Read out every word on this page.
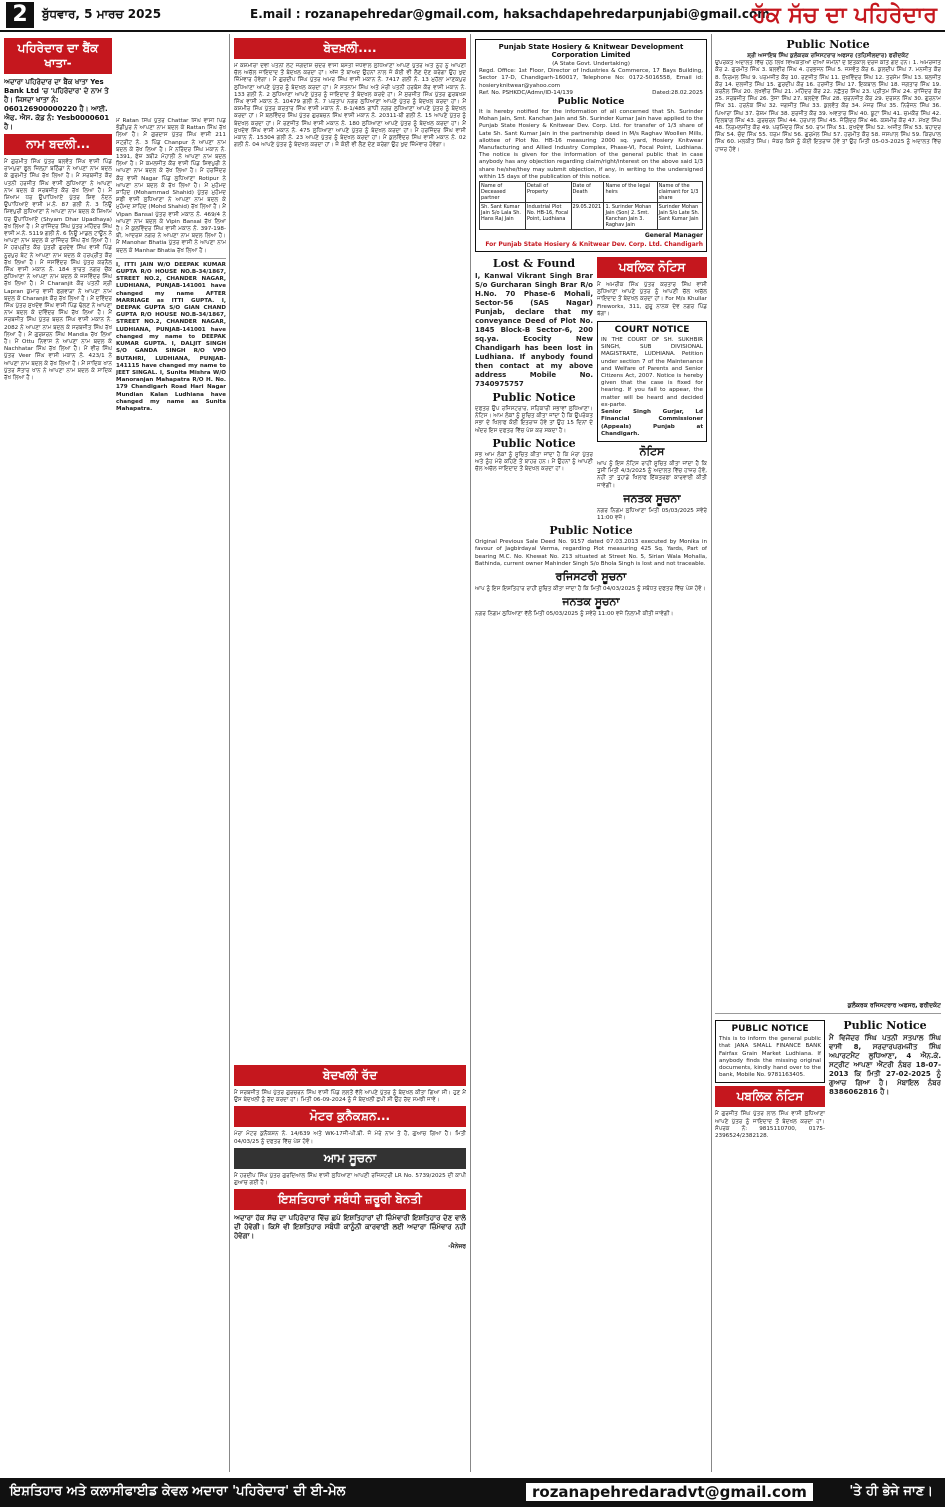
2	ਬੁੱਧਵਾਰ, 5 ਮਾਰਚ 2025	E.mail : rozanapehredar@gmail.com, haksachdapehredarpunjabi@gmail.com
ਹੱਕ ਸੱਚ ਦਾ ਪਹਿਰੇਦਾਰ
ਪਹਿਰੇਦਾਰ ਦਾ ਬੈਂਕ ਖਾਤਾ-
ਅਦਾਰਾ ਪਹਿਰੇਦਾਰ ਦਾ ਬੈਂਕ ਖਾਤਾ Yes Bank Ltd 'ਚ 'ਪਹਿਰੇਦਾਰ' ਦੇ ਨਾਮ ਤੇ ਹੈ। ਜਿਸਦਾ ਖਾਤਾ ਨੰ: 060126900000220 ਹੈ। ਆਈ. ਐਫ. ਐਸ. ਕੋਡ ਨੰ: Yesb0000601 ਹੈ।
ਨਾਮ ਬਦਲੀ...
ਮੈਂ ਗੁਰਮੀਤ ਸਿੰਘ ਪੁੱਤਰ ਬਲਵੰਤ ਸਿੰਘ ਵਾਸੀ ਪਿੰਡ ਰਾਮਪੁਰਾ ਫੂਲ ਜ਼ਿਲ੍ਹਾ ਬਠਿੰਡਾ ਨੇ ਆਪਣਾ ਨਾਮ ਬਦਲ ਕੇ ਗੁਰਮੀਤ ਸਿੰਘ ਰੱਖ ਲਿਆ ਹੈ। ਮੈਂ ਸਰਬਜੀਤ ਕੌਰ ਪਤਨੀ ਹਰਜੀਤ ਸਿੰਘ ਵਾਸੀ ਲੁਧਿਆਣਾ ਨੇ ਆਪਣਾ ਨਾਮ ਬਦਲ ਕੇ ਸਰਬਜੀਤ ਕੌਰ ਰੱਖ ਲਿਆ ਹੈ। ਮੈਂ ਸ਼ਿਆਮ ਧਰ ਉਪਾਧਿਆਏ ਪੁੱਤਰ ਸ਼ਿਵ ਨੰਦਨ ਉਪਾਧਿਆਏ ਵਾਸੀ ਮ.ਨੰ. 87 ਗਲੀ ਨੰ. 3 ਨਿਊ ਸ਼ਿਵਪੁਰੀ ਲੁਧਿਆਣਾ ਨੇ ਆਪਣਾ ਨਾਮ ਬਦਲ ਕੇ ਸ਼ਿਆਮ ਧਰ ਉਪਾਧਿਆਏ (Shyam Dhar Upadhaya) ਰੱਖ ਲਿਆ ਹੈ। ਮੈਂ ਰਾਜਿੰਦਰ ਸਿੰਘ ਪੁੱਤਰ ਮਹਿੰਦਰ ਸਿੰਘ ਵਾਸੀ ਮ.ਨੰ. 5119 ਗਲੀ ਨੰ. 6 ਨਿਊ ਮਾਡਲ ਟਾਊਨ ਨੇ ਆਪਣਾ ਨਾਮ ਬਦਲ ਕੇ ਰਾਜਿੰਦਰ ਸਿੰਘ ਰੱਖ ਲਿਆ ਹੈ। ਮੈਂ ਹਰਪ੍ਰੀਤ ਕੌਰ ਪੁੱਤਰੀ ਗੁਰਦੇਵ ਸਿੰਘ ਵਾਸੀ ਪਿੰਡ ਨੂਰਪੁਰ ਬੇਟ ਨੇ ਆਪਣਾ ਨਾਮ ਬਦਲ ਕੇ ਹਰਪ੍ਰੀਤ ਕੌਰ ਰੱਖ ਲਿਆ ਹੈ। ਮੈਂ ਜਸਵਿੰਦਰ ਸਿੰਘ ਪੁੱਤਰ ਕਰਨੈਲ ਸਿੰਘ ਵਾਸੀ ਮਕਾਨ ਨੰ. 184 ਭਾਰਤ ਨਗਰ ਚੌਂਕ ਲੁਧਿਆਣਾ ਨੇ ਆਪਣਾ ਨਾਮ ਬਦਲ ਕੇ ਜਸਵਿੰਦਰ ਸਿੰਘ ਰੱਖ ਲਿਆ ਹੈ। ਮੈਂ Charanjit ਕੌਰ ਪਤਨੀ ਸ਼੍ਰੀ Lapran ਕੁਮਾਰ ਵਾਸੀ ਫਗਵਾੜਾ ਨੇ ਆਪਣਾ ਨਾਮ ਬਦਲ ਕੇ Charanjit ਕੌਰ ਰੱਖ ਲਿਆ ਹੈ। ਮੈਂ ਦਵਿੰਦਰ ਸਿੰਘ ਪੁੱਤਰ ਸੁਖਦੇਵ ਸਿੰਘ ਵਾਸੀ ਪਿੰਡ ਢੋਲਣ ਨੇ ਆਪਣਾ ਨਾਮ ਬਦਲ ਕੇ ਦਵਿੰਦਰ ਸਿੰਘ ਰੱਖ ਲਿਆ ਹੈ। ਮੈਂ ਸਰਬਜੀਤ ਸਿੰਘ ਪੁੱਤਰ ਬਚਨ ਸਿੰਘ ਵਾਸੀ ਮਕਾਨ ਨੰ. 2082 ਨੇ ਆਪਣਾ ਨਾਮ ਬਦਲ ਕੇ ਸਰਬਜੀਤ ਸਿੰਘ ਰੱਖ ਲਿਆ ਹੈ। ਮੈਂ ਗੁਰਸ਼ਰਨ ਸਿੰਘ Mandia ਰੱਖ ਲਿਆ ਹੈ। ਮੈਂ Ottu ਨਿਵਾਸ ਨੇ ਆਪਣਾ ਨਾਮ ਬਦਲ ਕੇ Nachhatar ਸਿੰਘ ਰੱਖ ਲਿਆ ਹੈ। ਮੈਂ ਵੀਰ ਸਿੰਘ ਪੁੱਤਰ Veer ਸਿੰਘ ਵਾਸੀ ਮਕਾਨ ਨੰ. 423/1 ਨੇ ਆਪਣਾ ਨਾਮ ਬਦਲ ਕੇ ਰੱਖ ਲਿਆ ਹੈ। ਮੈਂ ਸਾਦਿਕ ਖਾਨ ਪੁੱਤਰ ਸੱਤਾਰ ਖਾਨ ਨੇ ਆਪਣਾ ਨਾਮ ਬਦਲ ਕੇ ਸਾਦਿਕ ਰੱਖ ਲਿਆ ਹੈ।
ਮੈਂ Ratan ਸਿੰਘ ਪੁੱਤਰ Chattar ਸਿੰਘ ਵਾਸੀ ਪਿੰਡ ਭੋਡੀਪੁਰ ਨੇ ਆਪਣਾ ਨਾਮ ਬਦਲ ਕੇ Rattan ਸਿੰਘ ਰੱਖ ਲਿਆ ਹੈ। ਮੈਂ ਗੁਰਦਾਸ ਪੁੱਤਰ ਸਿੰਘ ਵਾਸੀ 211 ਸਟ੍ਰੀਟ ਨੰ. 3 ਪਿੰਡ Chanpur ਨੇ ਆਪਣਾ ਨਾਮ ਬਦਲ ਕੇ ਰੱਖ ਲਿਆ ਹੈ। ਮੈਂ ਨਰਿੰਦਰ ਸਿੰਘ ਮਕਾਨ ਨੰ. 1391, ਫੇਜ਼ 3ਬੀ2 ਮੋਹਾਲੀ ਨੇ ਆਪਣਾ ਨਾਮ ਬਦਲ ਲਿਆ ਹੈ। ਮੈਂ ਕਮਲਜੀਤ ਕੌਰ ਵਾਸੀ ਪਿੰਡ ਸ਼ਿਵਪੁਰੀ ਨੇ ਆਪਣਾ ਨਾਮ ਬਦਲ ਕੇ ਰੱਖ ਲਿਆ ਹੈ। ਮੈਂ ਹਰਜਿੰਦਰ ਕੌਰ ਵਾਸੀ Nagar ਪਿੰਡ ਲੁਧਿਆਣਾ Rotipur ਨੇ ਆਪਣਾ ਨਾਮ ਬਦਲ ਕੇ ਰੱਖ ਲਿਆ ਹੈ। ਮੈਂ ਮੁਹੰਮਦ ਸ਼ਾਹਿਦ (Mohammad Shahid) ਪੁੱਤਰ ਮੁਹੰਮਦ ਸ਼ਫੀ ਵਾਸੀ ਲੁਧਿਆਣਾ ਨੇ ਆਪਣਾ ਨਾਮ ਬਦਲ ਕੇ ਮੁਹੰਮਦ ਸ਼ਾਹਿਦ (Mohd Shahid) ਰੱਖ ਲਿਆ ਹੈ। ਮੈਂ Vipan Bansal ਪੁੱਤਰ ਵਾਸੀ ਮਕਾਨ ਨੰ. 469/4 ਨੇ ਆਪਣਾ ਨਾਮ ਬਦਲ ਕੇ Vipin Bansal ਰੱਖ ਲਿਆ ਹੈ। ਮੈਂ ਕੁਲਵਿੰਦਰ ਸਿੰਘ ਵਾਸੀ ਮਕਾਨ ਨੰ. 397-198-ਬੀ, ਆਦਰਸ਼ ਨਗਰ ਨੇ ਆਪਣਾ ਨਾਮ ਬਦਲ ਲਿਆ ਹੈ। ਮੈਂ Manohar Bhatia ਪੁੱਤਰ ਵਾਸੀ ਨੇ ਆਪਣਾ ਨਾਮ ਬਦਲ ਕੇ Manhar Bhatia ਰੱਖ ਲਿਆ ਹੈ।
I, ITTI JAIN W/O DEEPAK KUMAR GUPTA R/O HOUSE NO.B-34/1867, STREET NO.2, CHANDER NAGAR, LUDHIANA, PUNJAB-141001 have changed my name AFTER MARRIAGE as ITTI GUPTA. I, DEEPAK GUPTA S/O GIAN CHAND GUPTA R/O HOUSE NO.B-34/1867, STREET NO.2, CHANDER NAGAR, LUDHIANA, PUNJAB-141001 have changed my name to DEEPAK KUMAR GUPTA. I, DALJIT SINGH S/O GANDA SINGH R/O VPO BUTAHRI, LUDHIANA, PUNJAB-141115 have changed my name to JEET SINGAL. I, Sunita Mishra W/O Manoranjan Mahapatra R/O H. No. 179 Chandigarh Road Hari Nagar Mundian Kalan Ludhiana have changed my name as Sunita Mahapatra.
ਬੇਦਖ਼ਲੀ....
ਮੈਂ ਕਸ਼ਮੀਰਾ ਦੇਵੀ ਪਤਨੀ ਲੇਟ ਜਗਦੀਸ਼ ਚੰਦਰ ਵਾਸੀ ਬਸਤੀ ਜੋਧੇਵਾਲ ਲੁਧਿਆਣਾ ਆਪਣੇ ਪੁੱਤਰ ਅਤੇ ਨੂੰਹ ਨੂੰ ਆਪਣੀ ਚੱਲ ਅਚੱਲ ਜਾਇਦਾਦ ਤੋਂ ਬੇਦਖਲ ਕਰਦਾ ਹਾਂ। ਅੱਜ ਤੋਂ ਬਾਅਦ ਉਹਨਾਂ ਨਾਲ ਜੋ ਕੋਈ ਵੀ ਲੈਣ ਦੇਣ ਕਰੇਗਾ ਉਹ ਖੁਦ ਜ਼ਿੰਮੇਵਾਰ ਹੋਵੇਗਾ। ਮੈਂ ਗੁਰਦੀਪ ਸਿੰਘ ਪੁੱਤਰ ਅਮਰ ਸਿੰਘ ਵਾਸੀ ਮਕਾਨ ਨੰ. 7417 ਗਲੀ ਨੰ. 13 ਮੁਹੱਲਾ ਮਾਣਕਪੁਰ ਲੁਧਿਆਣਾ ਆਪਣੇ ਪੁੱਤਰ ਨੂੰ ਬੇਦਖਲ ਕਰਦਾ ਹਾਂ। ਮੈਂ ਸਤਨਾਮ ਸਿੰਘ ਅਤੇ ਮੇਰੀ ਪਤਨੀ ਹਰਬੰਸ ਕੌਰ ਵਾਸੀ ਮਕਾਨ ਨੰ. 133 ਗਲੀ ਨੰ. 2 ਲੁਧਿਆਣਾ ਆਪਣੇ ਪੁੱਤਰ ਨੂੰ ਜਾਇਦਾਦ ਤੋਂ ਬੇਦਖਲ ਕਰਦੇ ਹਾਂ। ਮੈਂ ਸੁਰਜੀਤ ਸਿੰਘ ਪੁੱਤਰ ਗੁਰਬਖਸ਼ ਸਿੰਘ ਵਾਸੀ ਮਕਾਨ ਨੰ. 10479 ਗਲੀ ਨੰ. 7 ਪਰਤਾਪ ਨਗਰ ਲੁਧਿਆਣਾ ਆਪਣੇ ਪੁੱਤਰ ਨੂੰ ਬੇਦਖਲ ਕਰਦਾ ਹਾਂ। ਮੈਂ ਕਸ਼ਮੀਰ ਸਿੰਘ ਪੁੱਤਰ ਕਰਤਾਰ ਸਿੰਘ ਵਾਸੀ ਮਕਾਨ ਨੰ. 8-1/485 ਗਾਂਧੀ ਨਗਰ ਲੁਧਿਆਣਾ ਆਪਣੇ ਪੁੱਤਰ ਨੂੰ ਬੇਦਖਲ ਕਰਦਾ ਹਾਂ। ਮੈਂ ਬਲਵਿੰਦਰ ਸਿੰਘ ਪੁੱਤਰ ਗੁਰਬਚਨ ਸਿੰਘ ਵਾਸੀ ਮਕਾਨ ਨੰ. 20311-ਬੀ ਗਲੀ ਨੰ. 15 ਆਪਣੇ ਪੁੱਤਰ ਨੂੰ ਬੇਦਖਲ ਕਰਦਾ ਹਾਂ। ਮੈਂ ਰਣਜੀਤ ਸਿੰਘ ਵਾਸੀ ਮਕਾਨ ਨੰ. 180 ਲੁਧਿਆਣਾ ਆਪਣੇ ਪੁੱਤਰ ਨੂੰ ਬੇਦਖਲ ਕਰਦਾ ਹਾਂ। ਮੈਂ ਸੁਖਦੇਵ ਸਿੰਘ ਵਾਸੀ ਮਕਾਨ ਨੰ. 475 ਲੁਧਿਆਣਾ ਆਪਣੇ ਪੁੱਤਰ ਨੂੰ ਬੇਦਖਲ ਕਰਦਾ ਹਾਂ। ਮੈਂ ਹਰਜਿੰਦਰ ਸਿੰਘ ਵਾਸੀ ਮਕਾਨ ਨੰ. 15304 ਗਲੀ ਨੰ. 23 ਆਪਣੇ ਪੁੱਤਰ ਨੂੰ ਬੇਦਖਲ ਕਰਦਾ ਹਾਂ। ਮੈਂ ਕੁਲਵਿੰਦਰ ਸਿੰਘ ਵਾਸੀ ਮਕਾਨ ਨੰ. 02 ਗਲੀ ਨੰ. 04 ਆਪਣੇ ਪੁੱਤਰ ਨੂੰ ਬੇਦਖਲ ਕਰਦਾ ਹਾਂ। ਜੋ ਕੋਈ ਵੀ ਲੈਣ ਦੇਣ ਕਰੇਗਾ ਉਹ ਖੁਦ ਜ਼ਿੰਮੇਵਾਰ ਹੋਵੇਗਾ।
ਬੇਦਖਲੀ ਰੱਦ
ਮੈਂ ਸਰਬਜੀਤ ਸਿੰਘ ਪੁੱਤਰ ਗੁਰਚਰਨ ਸਿੰਘ ਵਾਸੀ ਪਿੰਡ ਲਲਤੋਂ ਵੱਲੋਂ ਆਪਣੇ ਪੁੱਤਰ ਨੂੰ ਬੇਦਖਲ ਕੀਤਾ ਗਿਆ ਸੀ। ਹੁਣ ਮੈਂ ਉਸ ਬੇਦਖਲੀ ਨੂੰ ਰੱਦ ਕਰਦਾ ਹਾਂ। ਮਿਤੀ 06-09-2024 ਨੂੰ ਜੋ ਬੇਦਖਲੀ ਛਪੀ ਸੀ ਉਹ ਰੱਦ ਸਮਝੀ ਜਾਵੇ।
ਮੋਟਰ ਕੁਨੈਕਸ਼ਨ...
ਮੇਰਾ ਮੋਟਰ ਕੁਨੈਕਸ਼ਨ ਨੰ. 14/639 ਅਤੇ WK-17ਜੀ-ਪੀ.ਬੀ. ਜੋ ਮੇਰੇ ਨਾਮ ਤੇ ਹੈ, ਗੁਆਚ ਗਿਆ ਹੈ। ਮਿਤੀ 04/03/25 ਨੂੰ ਦਫਤਰ ਵਿੱਚ ਪੇਸ਼ ਹੋਵੋ।
ਆਮ ਸੂਚਨਾ
ਮੈਂ ਹਰਦੀਪ ਸਿੰਘ ਪੁੱਤਰ ਗੁਰਦਿਆਲ ਸਿੰਘ ਵਾਸੀ ਲੁਧਿਆਣਾ ਆਪਣੀ ਰਜਿਸਟਰੀ LR No. 5739/2025 ਦੀ ਕਾਪੀ ਗੁਆਚ ਗਈ ਹੈ।
ਇਸ਼ਤਿਹਾਰਾਂ ਸਬੰਧੀ ਜ਼ਰੂਰੀ ਬੇਨਤੀ
ਅਦਾਰਾ ਹੱਕ ਸੱਚ ਦਾ ਪਹਿਰੇਦਾਰ ਵਿੱਚ ਛਪੇ ਇਸ਼ਤਿਹਾਰਾਂ ਦੀ ਜ਼ਿੰਮੇਵਾਰੀ ਇਸ਼ਤਿਹਾਰ ਦੇਣ ਵਾਲੇ ਦੀ ਹੋਵੇਗੀ। ਕਿਸੇ ਵੀ ਇਸ਼ਤਿਹਾਰ ਸਬੰਧੀ ਕਾਨੂੰਨੀ ਕਾਰਵਾਈ ਲਈ ਅਦਾਰਾ ਜ਼ਿੰਮੇਵਾਰ ਨਹੀਂ ਹੋਵੇਗਾ।
-ਮੈਨੇਜਰ
Punjab State Hosiery & Knitwear Development Corporation Limited
(A State Govt. Undertaking)
Regd. Office: 1st Floor, Director of Industries & Commerce, 17 Bays Building, Sector 17-D, Chandigarh-160017, Telephone No: 0172-5016558, Email id: hosieryknitwear@yahoo.com
Ref. No. PSHKDC/Admn/ID-14/139	Dated:28.02.2025
Public Notice
It is hereby notified for the information of all concerned that Sh. Surinder Mohan Jain, Smt. Kanchan Jain and Sh. Surinder Kumar Jain have applied to the Punjab State Hosiery & Knitwear Dev. Corp. Ltd. for transfer of 1/3 share of Late Sh. Sant Kumar Jain in the partnership deed in M/s Raghav Woollen Mills, allottee of Plot No. HB-16 measuring 2000 sq. yard, Hosiery Knitwear Manufacturing and Allied Industry Complex, Phase-VI, Focal Point, Ludhiana. The notice is given for the information of the general public that in case anybody has any objection regarding claim/right/interest on the above said 1/3 share he/she/they may submit objection, if any, in writing to the undersigned within 15 days of the publication of this notice.
Name of Deceased partner	Detail of Property	Date of Death	Name of the legal heirs	Name of the claimant for 1/3 share
Sh. Sant Kumar Jain S/o Lala Sh. Hans Raj Jain	Industrial Plot No. HB-16, Focal Point, Ludhiana	29.05.2021	1. Surinder Mohan Jain (Son) 2. Smt. Kanchan Jain 3. Raghav Jain	Surinder Mohan Jain S/o Late Sh. Sant Kumar Jain
General Manager
For Punjab State Hosiery & Knitwear Dev. Corp. Ltd. Chandigarh
Lost & Found
I, Kanwal Vikrant Singh Brar S/o Gurcharan Singh Brar R/o H.No. 70 Phase-6 Mohali, Sector-56 (SAS Nagar) Punjab, declare that my conveyance Deed of Plot No. 1845 Block-B Sector-6, 200 sq.ya. Ecocity New Chandigarh has been lost in Ludhiana. If anybody found then contact at my above address Mobile No. 7340975757
Public Notice
ਦਫਤਰ ਉਪ ਰਜਿਸਟਰਾਰ, ਸਹਿਕਾਰੀ ਸਭਾਵਾਂ ਲੁਧਿਆਣਾ। ਨੋਟਿਸ। ਆਮ ਲੋਕਾਂ ਨੂੰ ਸੂਚਿਤ ਕੀਤਾ ਜਾਂਦਾ ਹੈ ਕਿ ਉਪਰੋਕਤ ਸਭਾ ਦੇ ਖਿਲਾਫ ਕੋਈ ਇਤਰਾਜ਼ ਹੋਵੇ ਤਾਂ ਉਹ 15 ਦਿਨਾਂ ਦੇ ਅੰਦਰ ਇਸ ਦਫਤਰ ਵਿੱਚ ਪੇਸ਼ ਕਰ ਸਕਦਾ ਹੈ।
Public Notice
ਸਭ ਆਮ ਲੋਕਾਂ ਨੂੰ ਸੂਚਿਤ ਕੀਤਾ ਜਾਂਦਾ ਹੈ ਕਿ ਮੇਰਾ ਪੁੱਤਰ ਅਤੇ ਨੂੰਹ ਮੇਰੇ ਕਹਿਣੇ ਤੋਂ ਬਾਹਰ ਹਨ। ਮੈਂ ਉਹਨਾਂ ਨੂੰ ਆਪਣੀ ਚੱਲ ਅਚੱਲ ਜਾਇਦਾਦ ਤੋਂ ਬੇਦਖਲ ਕਰਦਾ ਹਾਂ।
ਪਬਲਿਕ ਨੋਟਿਸ
ਮੈਂ ਅਮਰੀਕ ਸਿੰਘ ਪੁੱਤਰ ਕਰਤਾਰ ਸਿੰਘ ਵਾਸੀ ਲੁਧਿਆਣਾ ਆਪਣੇ ਪੁੱਤਰ ਨੂੰ ਆਪਣੀ ਚੱਲ ਅਚੱਲ ਜਾਇਦਾਦ ਤੋਂ ਬੇਦਖਲ ਕਰਦਾ ਹਾਂ। For M/s Khullar Fireworks, 311, ਗੁਰੂ ਨਾਨਕ ਦੇਵ ਨਗਰ ਪਿੰਡ ਬੱਗਾ।
COURT NOTICE
IN THE COURT OF SH. SUKHBIR SINGH, SUB DIVISIONAL MAGISTRATE, LUDHIANA. Petition under section 7 of the Maintenance and Welfare of Parents and Senior Citizens Act, 2007. Notice is hereby given that the case is fixed for hearing. If you fail to appear, the matter will be heard and decided ex-parte.
Senior Singh Gurjar, Ld Financial Commissioner (Appeals) Punjab at Chandigarh.
ਨੋਟਿਸ
ਆਪ ਨੂੰ ਇਸ ਨੋਟਿਸ ਰਾਹੀਂ ਸੂਚਿਤ ਕੀਤਾ ਜਾਂਦਾ ਹੈ ਕਿ ਤੁਸੀਂ ਮਿਤੀ 4/3/2025 ਨੂੰ ਅਦਾਲਤ ਵਿੱਚ ਹਾਜ਼ਰ ਹੋਵੋ, ਨਹੀਂ ਤਾਂ ਤੁਹਾਡੇ ਖਿਲਾਫ ਇੱਕਤਰਫਾ ਕਾਰਵਾਈ ਕੀਤੀ ਜਾਵੇਗੀ।
ਜਨਤਕ ਸੂਚਨਾ
ਨਗਰ ਨਿਗਮ ਲੁਧਿਆਣਾ ਮਿਤੀ 05/03/2025 ਸਵੇਰੇ 11:00 ਵਜੇ।
Public Notice
Original Previous Sale Deed No. 9157 dated 07.03.2013 executed by Monika in favour of Jagbirdayal Verma, regarding Plot measuring 425 Sq. Yards, Part of bearing M.C. No. Khewat No. 213 situated at Street No. 5, Sirian Wala Mohalla, Bathinda, current owner Mahinder Singh S/o Bhola Singh is lost and not traceable.
ਰਜਿਸਟਰੀ ਸੂਚਨਾ
ਆਪ ਨੂੰ ਇਸ ਇਸ਼ਤਿਹਾਰ ਰਾਹੀਂ ਸੂਚਿਤ ਕੀਤਾ ਜਾਂਦਾ ਹੈ ਕਿ ਮਿਤੀ 04/03/2025 ਨੂੰ ਸਬੰਧਤ ਦਫਤਰ ਵਿੱਚ ਪੇਸ਼ ਹੋਵੋ।
ਜਨਤਕ ਸੂਚਨਾ
ਨਗਰ ਨਿਗਮ ਲੁਧਿਆਣਾ ਵੱਲੋਂ ਮਿਤੀ 05/03/2025 ਨੂੰ ਸਵੇਰੇ 11:00 ਵਜੇ ਨਿਲਾਮੀ ਕੀਤੀ ਜਾਵੇਗੀ।
Public Notice
ਸ਼੍ਰੀ ਅਜਾਇਬ ਸਿੰਘ ਕੁਲੰਕਰਕ ਰਜਿਸਟਰਾਰ ਅਫਸਰ (ਤਹਿਸੀਲਦਾਰ) ਫਰੀਦਕੋਟ
ਉਪਰੋਕਤ ਅਦਾਲਤ ਵਿੱਚ ਹੇਠ ਲਿਖੇ ਵਿਅਕਤੀਆਂ ਦੀਆਂ ਜ਼ਮੀਨਾਂ ਦੇ ਇੰਤਕਾਲ ਦਰਜ ਕੀਤੇ ਗਏ ਹਨ। 1. ਅਮਰਜੀਤ ਕੌਰ 2. ਗੁਰਮੀਤ ਸਿੰਘ 3. ਬਲਵੀਰ ਸਿੰਘ 4. ਹਰਭਜਨ ਸਿੰਘ 5. ਜਸਵੰਤ ਕੌਰ 6. ਕੁਲਦੀਪ ਸਿੰਘ 7. ਮਨਜੀਤ ਕੌਰ 8. ਨਿਰਮਲ ਸਿੰਘ 9. ਪਰਮਜੀਤ ਕੌਰ 10. ਰਣਜੀਤ ਸਿੰਘ 11. ਸੁਖਵਿੰਦਰ ਸਿੰਘ 12. ਤਰਸੇਮ ਸਿੰਘ 13. ਬਲਜੀਤ ਕੌਰ 14. ਦਲਜੀਤ ਸਿੰਘ 15. ਗੁਰਦੀਪ ਕੌਰ 16. ਹਰਜੀਤ ਸਿੰਘ 17. ਇਕਬਾਲ ਸਿੰਘ 18. ਜਗਤਾਰ ਸਿੰਘ 19. ਕਰਨੈਲ ਸਿੰਘ 20. ਲਖਵੀਰ ਸਿੰਘ 21. ਮਹਿੰਦਰ ਕੌਰ 22. ਨਛੱਤਰ ਸਿੰਘ 23. ਪ੍ਰੀਤਮ ਸਿੰਘ 24. ਰਾਜਿੰਦਰ ਕੌਰ 25. ਸਰਬਜੀਤ ਸਿੰਘ 26. ਤੇਜਾ ਸਿੰਘ 27. ਬਲਦੇਵ ਸਿੰਘ 28. ਚਰਨਜੀਤ ਕੌਰ 29. ਦਰਸ਼ਨ ਸਿੰਘ 30. ਗੁਰਨਾਮ ਸਿੰਘ 31. ਹਰਨੇਕ ਸਿੰਘ 32. ਜਗਜੀਤ ਸਿੰਘ 33. ਕੁਲਵੰਤ ਕੌਰ 34. ਮੇਜਰ ਸਿੰਘ 35. ਨਿਰੰਜਨ ਸਿੰਘ 36. ਪਿਆਰਾ ਸਿੰਘ 37. ਰੇਸ਼ਮ ਸਿੰਘ 38. ਸੁਰਜੀਤ ਕੌਰ 39. ਅਵਤਾਰ ਸਿੰਘ 40. ਬੂਟਾ ਸਿੰਘ 41. ਚਮਕੌਰ ਸਿੰਘ 42. ਦਿਲਬਾਗ ਸਿੰਘ 43. ਗੁਰਚਰਨ ਸਿੰਘ 44. ਹਰਪਾਲ ਸਿੰਘ 45. ਜੋਗਿੰਦਰ ਸਿੰਘ 46. ਕਸ਼ਮੀਰ ਕੌਰ 47. ਮੱਖਣ ਸਿੰਘ 48. ਨਿਰਮਲਜੀਤ ਕੌਰ 49. ਪਰਮਿੰਦਰ ਸਿੰਘ 50. ਰਾਮ ਸਿੰਘ 51. ਸੁਖਦੇਵ ਸਿੰਘ 52. ਅਜੀਤ ਸਿੰਘ 53. ਬਹਾਦਰ ਸਿੰਘ 54. ਚੰਦ ਸਿੰਘ 55. ਧਰਮ ਸਿੰਘ 56. ਗੁਰਮੇਲ ਸਿੰਘ 57. ਹਰਮੀਤ ਕੌਰ 58. ਜਸਪਾਲ ਸਿੰਘ 59. ਕਿਰਪਾਲ ਸਿੰਘ 60. ਮਲਕੀਤ ਸਿੰਘ। ਜੇਕਰ ਕਿਸੇ ਨੂੰ ਕੋਈ ਇਤਰਾਜ਼ ਹੋਵੇ ਤਾਂ ਉਹ ਮਿਤੀ 05-03-2025 ਨੂੰ ਅਦਾਲਤ ਵਿੱਚ ਹਾਜ਼ਰ ਹੋਵੇ।
ਕੁਲੰਕਰਕ ਰਜਿਸਟਰਾਰ ਅਫਸਰ, ਫਰੀਦਕੋਟ
PUBLIC NOTICE
This is to inform the general public that JANA SMALL FINANCE BANK Fairfax Grain Market Ludhiana. If anybody finds the missing original documents, kindly hand over to the bank, Mobile No. 9781163405.
ਪਬਲਿਕ ਨੋਟਿਸ
ਮੈਂ ਗੁਰਜੀਤ ਸਿੰਘ ਪੁੱਤਰ ਲਾਲ ਸਿੰਘ ਵਾਸੀ ਲੁਧਿਆਣਾ ਆਪਣੇ ਪੁੱਤਰ ਨੂੰ ਜਾਇਦਾਦ ਤੋਂ ਬੇਦਖਲ ਕਰਦਾ ਹਾਂ। ਸੰਪਰਕ ਨੰ: 9815110700, 0175-2396524/2382128.
Public Notice
ਮੈਂ ਵਿਜੇਂਦਰ ਸਿੰਘ ਪਤਨੀ ਸਤਪਾਲ ਸਿੰਘ ਵਾਸੀ 8, ਸਰਦਾਰਪਰਮਜੀਤ ਸਿੰਘ ਅਪਾਰਟਮੈਂਟ ਲੁਧਿਆਣਾ, 4 ਐਨ.ਕੇ. ਸਟ੍ਰੀਟ ਆਪਣਾ ਐਂਟਰੀ ਨੰਬਰ 18-07-2013 ਕਿ ਮਿਤੀ 27-02-2025 ਨੂੰ ਗੁਆਚ ਗਿਆ ਹੈ। ਮੋਬਾਇਲ ਨੰਬਰ 8386062816 ਹੈ।
ਇਸ਼ਤਿਹਾਰ ਅਤੇ ਕਲਾਸੀਫਾਈਡ ਕੇਵਲ ਅਦਾਰਾ 'ਪਹਿਰੇਦਾਰ' ਦੀ ਈ-ਮੇਲ	rozanapehredaradvt@gmail.com	'ਤੇ ਹੀ ਭੇਜੇ ਜਾਣ।
